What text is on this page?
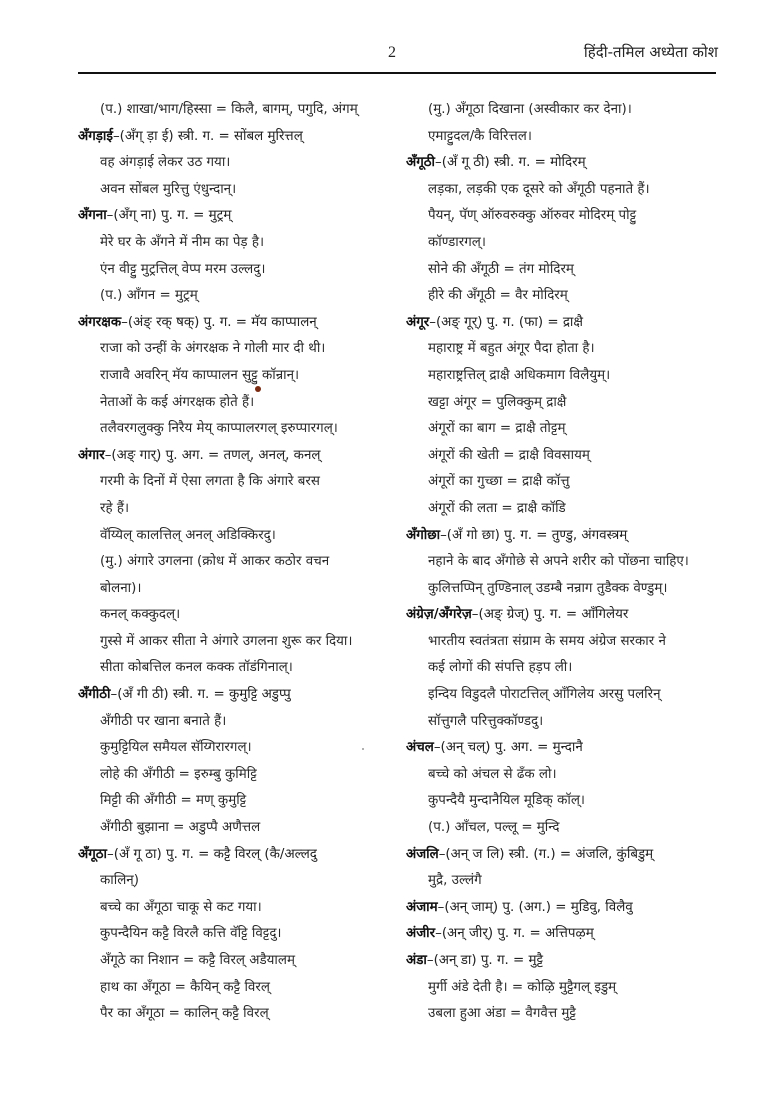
2	हिंदी-तमिल अध्येता कोश
(प.) शाखा/भाग/हिस्सा = किलै, बागम्, पगुदि, अंगम्
अँगड़ाई–(अँग् ड़ा ई) स्त्री. ग. = सोंबल मुरित्तल्
वह अंगड़ाई लेकर उठ गया।
अवन सोंबल मुरित्तु एंधुन्दान्।
अँगना–(अँग् ना) पु. ग. = मुट्रम्
मेरे घर के अँगने में नीम का पेड़ है।
एंन वीट्टु मुट्रत्तिल् वेप्प मरम उल्लदु।
(प.) आँगन = मुट्रम्
अंगरक्षक–(अंङ् रक् षक्) पु. ग. = मॅय काप्पालन्
राजा को उन्हीं के अंगरक्षक ने गोली मार दी थी।
राजावै अवरिन् मॅय काप्पालन सुट्टु कॉन्रान्।
नेताओं के कई अंगरक्षक होते हैं।
तलैवरगलुक्कु निरैय मेय् काप्पालरगल् इरुप्पारगल्।
अंगार–(अङ् गार्) पु. अग. = तणल्, अनल्, कनल्
गरमी के दिनों में ऐसा लगता है कि अंगारे बरस
रहे हैं।
वॅय्यिल् कालत्तिल् अनल् अडिक्किरदु।
(मु.) अंगारे उगलना (क्रोध में आकर कठोर वचन
बोलना)।
कनल् कक्कुदल्।
गुस्से में आकर सीता ने अंगारे उगलना शुरू कर दिया।
सीता कोबत्तिल कनल कक्क तॉडंगिनाल्।
अँगीठी–(अँ गी ठी) स्त्री. ग. = कुमुट्टि अडुप्पु
अँगीठी पर खाना बनाते हैं।
कुमुट्टियिल समैयल सॅय्गिरारगल्।
लोहे की अँगीठी = इरुम्बु कुमिट्टि
मिट्टी की अँगीठी = मण् कुमुट्टि
अँगीठी बुझाना = अडुप्पै अणैत्तल
अँगूठा–(अँ गू ठा) पु. ग. = कट्टै विरल् (कै/अल्लदु
कालिन्)
बच्चे का अँगूठा चाकू से कट गया।
कुपन्दैयिन कट्टै विरलै कत्ति वॅट्टि विट्टदु।
अँगूठे का निशान = कट्टै विरल् अडैयालम्
हाथ का अँगूठा = कैयिन् कट्टै विरल्
पैर का अँगूठा = कालिन् कट्टै विरल्
(मु.) अँगूठा दिखाना (अस्वीकार कर देना)।
एमाट्टुदल/कै विरित्तल।
अँगूठी–(अँ गू ठी) स्त्री. ग. = मोदिरम्
लड़का, लड़की एक दूसरे को अँगूठी पहनाते हैं।
पैयन्, पॅण् ऑरुवरुक्कु ऑरुवर मोदिरम् पोट्टु
कॉण्डारगल्।
सोने की अँगूठी = तंग मोदिरम्
हीरे की अँगूठी = वैर मोदिरम्
अंगूर–(अङ् गूर्) पु. ग. (फा) = द्राक्षै
महाराष्ट्र में बहुत अंगूर पैदा होता है।
महाराष्ट्रत्तिल् द्राक्षै अधिकमाग विलैयुम्।
खट्टा अंगूर = पुलिक्कुम् द्राक्षै
अंगूरों का बाग = द्राक्षै तोट्टम्
अंगूरों की खेती = द्राक्षै विवसायम्
अंगूरों का गुच्छा = द्राक्षै कॉत्तु
अंगूरों की लता = द्राक्षै कॉडि
अँगोछा–(अँ गो छा) पु. ग. = तुण्डु, अंगवस्त्रम्
नहाने के बाद अँगोछे से अपने शरीर को पोंछना चाहिए।
कुलित्तप्पिन् तुण्डिनाल् उडम्बै नन्राग तुडैक्क वेण्डुम्।
अंग्रेज़/अँगरेज़–(अङ् ग्रेज्) पु. ग. = ऑंगिलेयर
भारतीय स्वतंत्रता संग्राम के समय अंग्रेज सरकार ने
कई लोगों की संपत्ति हड़प ली।
इन्दिय विडुदलै पोराटत्तिल् ऑंगिलेय अरसु पलरिन्
सॉत्तुगलै परित्तुक्कॉण्डदु।
अंचल–(अन् चल्) पु. अग. = मुन्दानै
बच्चे को अंचल से ढँक लो।
कुपन्दैयै मुन्दानैयिल मूडिक् कॉल्।
(प.) आँचल, पल्लू = मुन्दि
अंजलि–(अन् ज लि) स्त्री. (ग.) = अंजलि, कुंबिडुम्
मुद्रै, उल्लंगै
अंजाम–(अन् जाम्) पु. (अग.) = मुडिवु, विलैवु
अंजीर–(अन् जीर्) पु. ग. = अत्तिपऴम्
अंडा–(अन् डा) पु. ग. = मुट्टै
मुर्गी अंडे देती है। = कोऴि मुट्टैगल् इडुम्
उबला हुआ अंडा = वैगवैत्त मुट्टै
